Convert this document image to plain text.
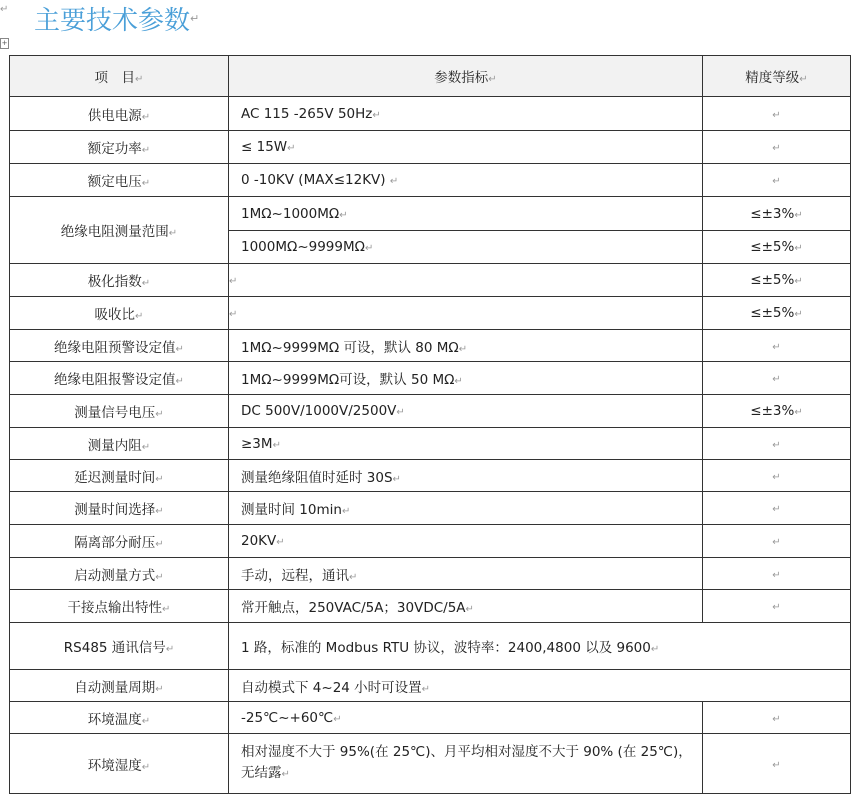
↵ 主要技术参数 ↵
+
项　目↵	参数指标↵	精度等级↵
供电电源↵	AC 115 -265V 50Hz↵	↵
额定功率↵	≤ 15W↵	↵
额定电压↵	0 -10KV (MAX≤12KV) ↵	↵
绝缘电阻测量范围↵	1MΩ~1000MΩ↵	≤±3%↵
	1000MΩ~9999MΩ↵	≤±5%↵
极化指数↵	↵	≤±5%↵
吸收比↵	↵	≤±5%↵
绝缘电阻预警设定值↵	1MΩ~9999MΩ 可设，默认 80 MΩ↵	↵
绝缘电阻报警设定值↵	1MΩ~9999MΩ可设，默认 50 MΩ↵	↵
测量信号电压↵	DC 500V/1000V/2500V↵	≤±3%↵
测量内阻↵	≥3M↵	↵
延迟测量时间↵	测量绝缘阻值时延时 30S↵	↵
测量时间选择↵	测量时间 10min↵	↵
隔离部分耐压↵	20KV↵	↵
启动测量方式↵	手动，远程，通讯↵	↵
干接点输出特性↵	常开触点，250VAC/5A；30VDC/5A↵	↵
RS485 通讯信号↵	1 路，标准的 Modbus RTU 协议，波特率：2400,4800 以及 9600↵	
自动测量周期↵	自动模式下 4~24 小时可设置↵	
环境温度↵	-25℃~+60℃↵	↵
环境湿度↵	相对湿度不大于 95%(在 25℃)、月平均相对湿度不大于 90% (在 25℃)，无结露↵	↵
